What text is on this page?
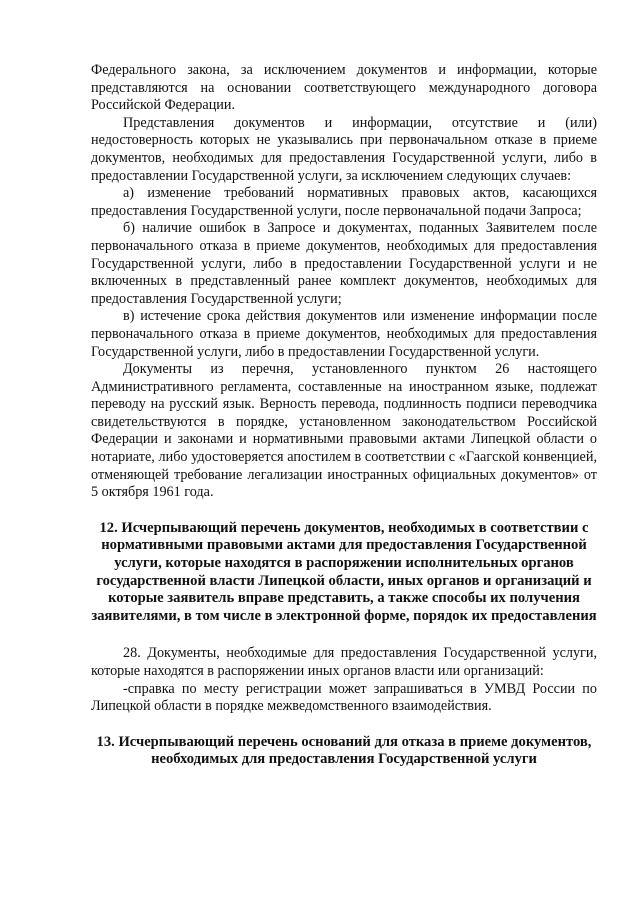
Федерального закона, за исключением документов и информации, которые представляются на основании соответствующего международного договора Российской Федерации.

Представления документов и информации, отсутствие и (или) недостоверность которых не указывались при первоначальном отказе в приеме документов, необходимых для предоставления Государственной услуги, либо в предоставлении Государственной услуги, за исключением следующих случаев:

а) изменение требований нормативных правовых актов, касающихся предоставления Государственной услуги, после первоначальной подачи Запроса;

б) наличие ошибок в Запросе и документах, поданных Заявителем после первоначального отказа в приеме документов, необходимых для предоставления Государственной услуги, либо в предоставлении Государственной услуги и не включенных в представленный ранее комплект документов, необходимых для предоставления Государственной услуги;

в) истечение срока действия документов или изменение информации после первоначального отказа в приеме документов, необходимых для предоставления Государственной услуги, либо в предоставлении Государственной услуги.

Документы из перечня, установленного пунктом 26 настоящего Административного регламента, составленные на иностранном языке, подлежат переводу на русский язык. Верность перевода, подлинность подписи переводчика свидетельствуются в порядке, установленном законодательством Российской Федерации и законами и нормативными правовыми актами Липецкой области о нотариате, либо удостоверяется апостилем в соответствии с «Гаагской конвенцией, отменяющей требование легализации иностранных официальных документов» от 5 октября 1961 года.

12. Исчерпывающий перечень документов, необходимых в соответствии с нормативными правовыми актами для предоставления Государственной услуги, которые находятся в распоряжении исполнительных органов государственной власти Липецкой области, иных органов и организаций и которые заявитель вправе представить, а также способы их получения заявителями, в том числе в электронной форме, порядок их предоставления

28. Документы, необходимые для предоставления Государственной услуги, которые находятся в распоряжении иных органов власти или организаций:

-справка по месту регистрации может запрашиваться в УМВД России по Липецкой области в порядке межведомственного взаимодействия.

13. Исчерпывающий перечень оснований для отказа в приеме документов, необходимых для предоставления Государственной услуги
